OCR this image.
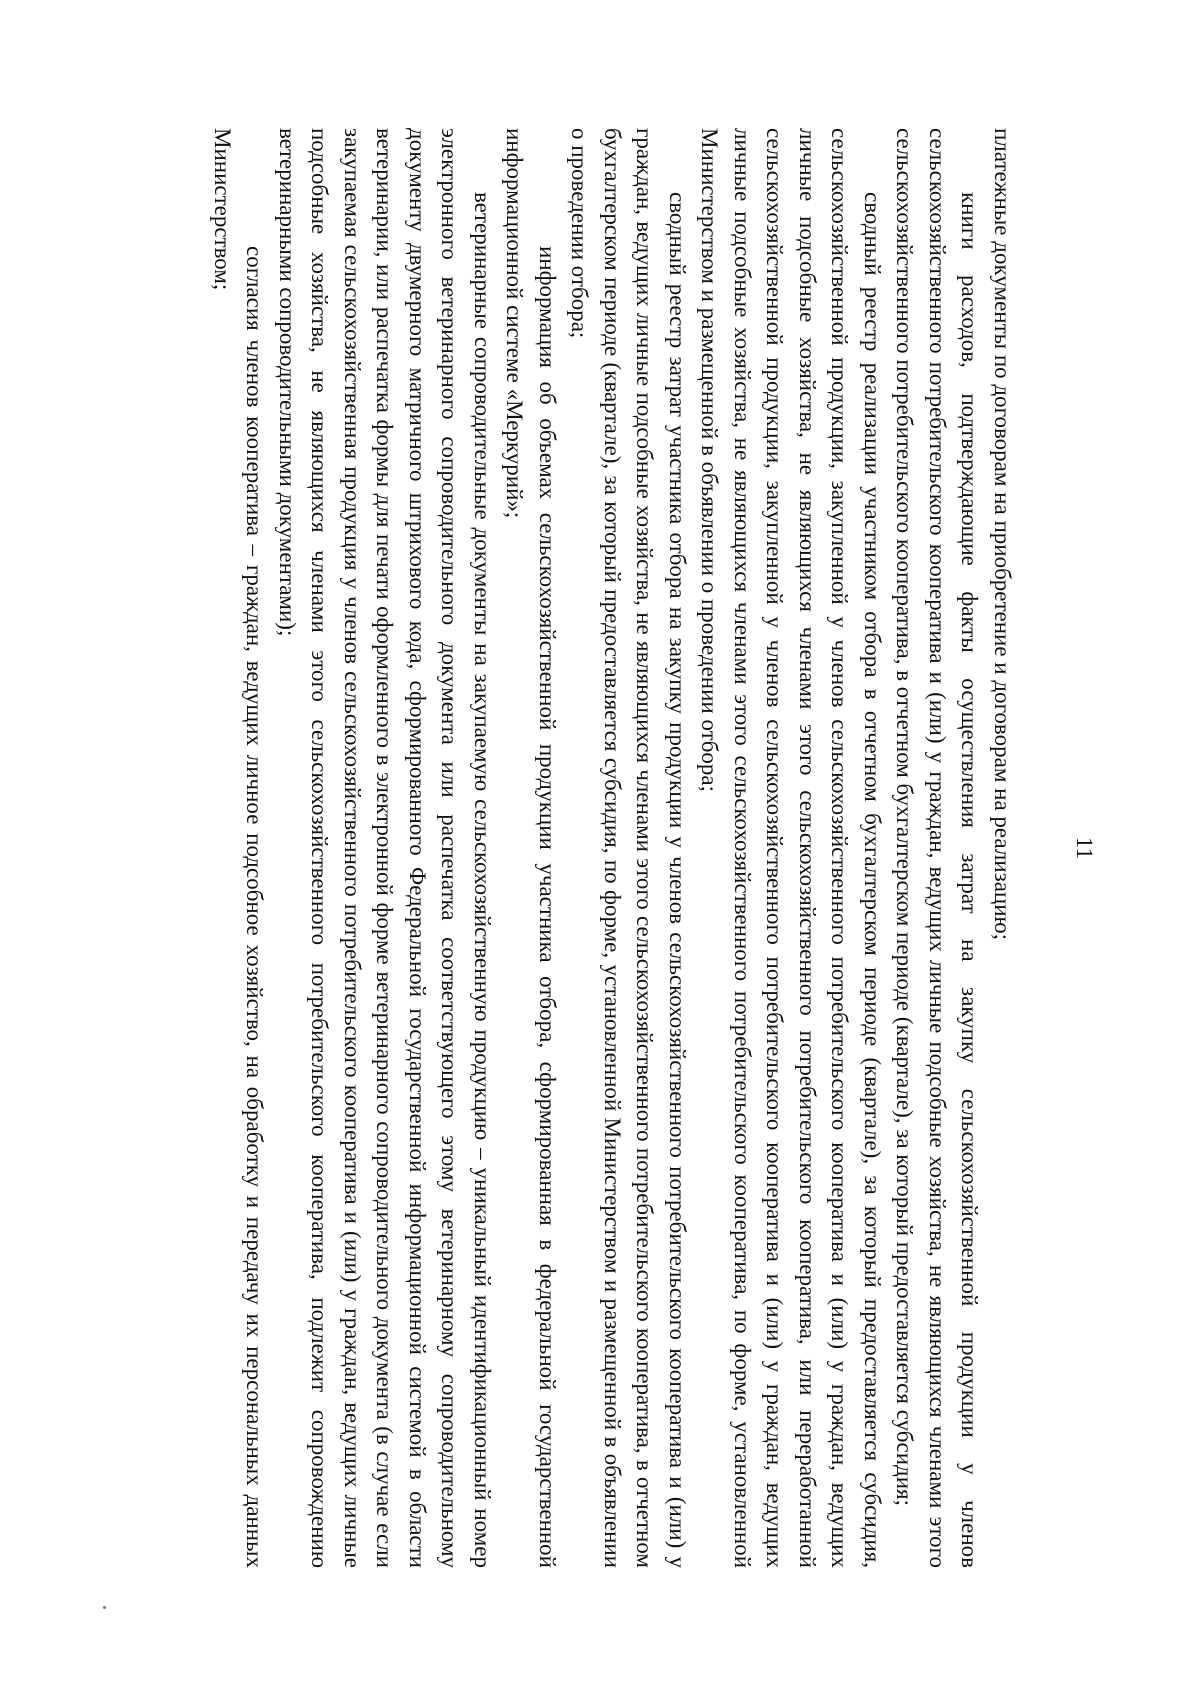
11

платежные документы по договорам на приобретение и договорам на реализацию;

книги расходов, подтверждающие факты осуществления затрат на закупку сельскохозяйственной продукции у членов сельскохозяйственного потребительского кооператива и (или) у граждан, ведущих личные подсобные хозяйства, не являющихся членами этого сельскохозяйственного потребительского кооператива, в отчетном бухгалтерском периоде (квартале), за который предоставляется субсидия;

сводный реестр реализации участником отбора в отчетном бухгалтерском периоде (квартале), за который предоставляется субсидия, сельскохозяйственной продукции, закупленной у членов сельскохозяйственного потребительского кооператива и (или) у граждан, ведущих личные подсобные хозяйства, не являющихся членами этого сельскохозяйственного потребительского кооператива, или переработанной сельскохозяйственной продукции, закупленной у членов сельскохозяйственного потребительского кооператива и (или) у граждан, ведущих личные подсобные хозяйства, не являющихся членами этого сельскохозяйственного потребительского кооператива, по форме, установленной Министерством и размещенной в объявлении о проведении отбора;

сводный реестр затрат участника отбора на закупку продукции у членов сельскохозяйственного потребительского кооператива и (или) у граждан, ведущих личные подсобные хозяйства, не являющихся членами этого сельскохозяйственного потребительского кооператива, в отчетном бухгалтерском периоде (квартале), за который предоставляется субсидия, по форме, установленной Министерством и размещенной в объявлении о проведении отбора;

информация об объемах сельскохозяйственной продукции участника отбора, сформированная в федеральной государственной информационной системе «Меркурий»;

ветеринарные сопроводительные документы на закупаемую сельскохозяйственную продукцию – уникальный идентификационный номер электронного ветеринарного сопроводительного документа или распечатка соответствующего этому ветеринарному сопроводительному документу двумерного матричного штрихового кода, сформированного Федеральной государственной информационной системой в области ветеринарии, или распечатка формы для печати оформленного в электронной форме ветеринарного сопроводительного документа (в случае если закупаемая сельскохозяйственная продукция у членов сельскохозяйственного потребительского кооператива и (или) у граждан, ведущих личные подсобные хозяйства, не являющихся членами этого сельскохозяйственного потребительского кооператива, подлежит сопровождению ветеринарными сопроводительными документами);

согласия членов кооператива – граждан, ведущих личное подсобное хозяйство, на обработку и передачу их персональных данных Министерством;
